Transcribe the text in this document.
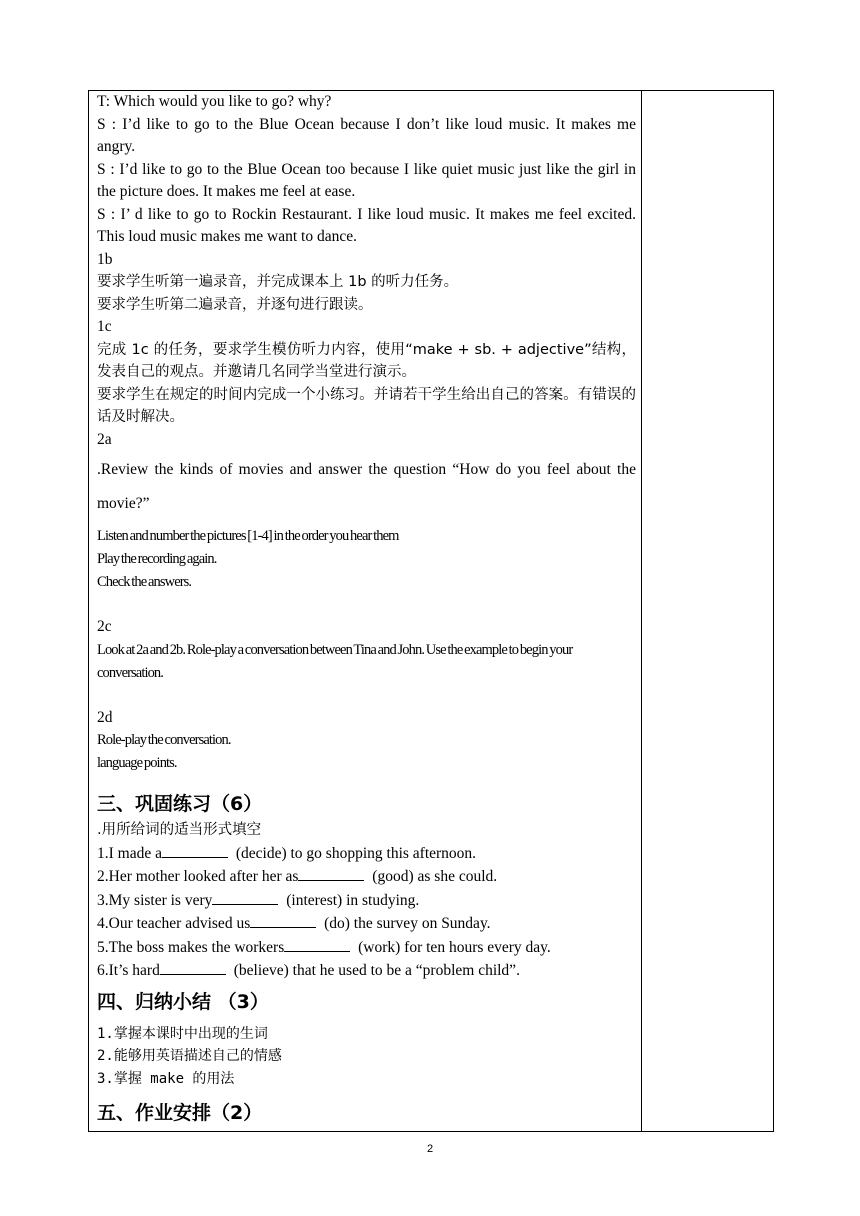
T: Which would you like to go? why?
S : I’d like to go to the Blue Ocean because I don’t like loud music. It makes me angry.
S : I’d like to go to the Blue Ocean too because I like quiet music just like the girl in the picture does. It makes me feel at ease.
S : I’ d like to go to Rockin Restaurant. I like loud music. It makes me feel excited. This loud music makes me want to dance.
1b
要求学生听第一遍录音，并完成课本上 1b 的听力任务。
要求学生听第二遍录音，并逐句进行跟读。
1c
完成 1c 的任务，要求学生模仿听力内容，使用“make + sb. + adjective”结构，发表自己的观点。并邀请几名同学当堂进行演示。
要求学生在规定的时间内完成一个小练习。并请若干学生给出自己的答案。有错误的话及时解决。
2a
.Review the kinds of movies and answer the question “How do you feel about the movie?”
Listen and number the pictures [1-4] in the order you hear them
Play the recording again.
Check the answers.
2c
Look at 2a and 2b. Role-play a conversation between Tina and John. Use the example to begin your conversation.
2d
Role-play the conversation.
language points.
三、巩固练习（6）
.用所给词的适当形式填空
1.I made a	(decide) to go shopping this afternoon.
2.Her mother looked after her as	(good) as she could.
3.My sister is very	(interest) in studying.
4.Our teacher advised us	(do) the survey on Sunday.
5.The boss makes the workers	(work) for ten hours every day.
6.It’s hard	(believe) that he used to be a “problem child”.
四、归纳小结 （3）
1.掌握本课时中出现的生词
2.能够用英语描述自己的情感
3.掌握 make 的用法
五、作业安排（2）
2
